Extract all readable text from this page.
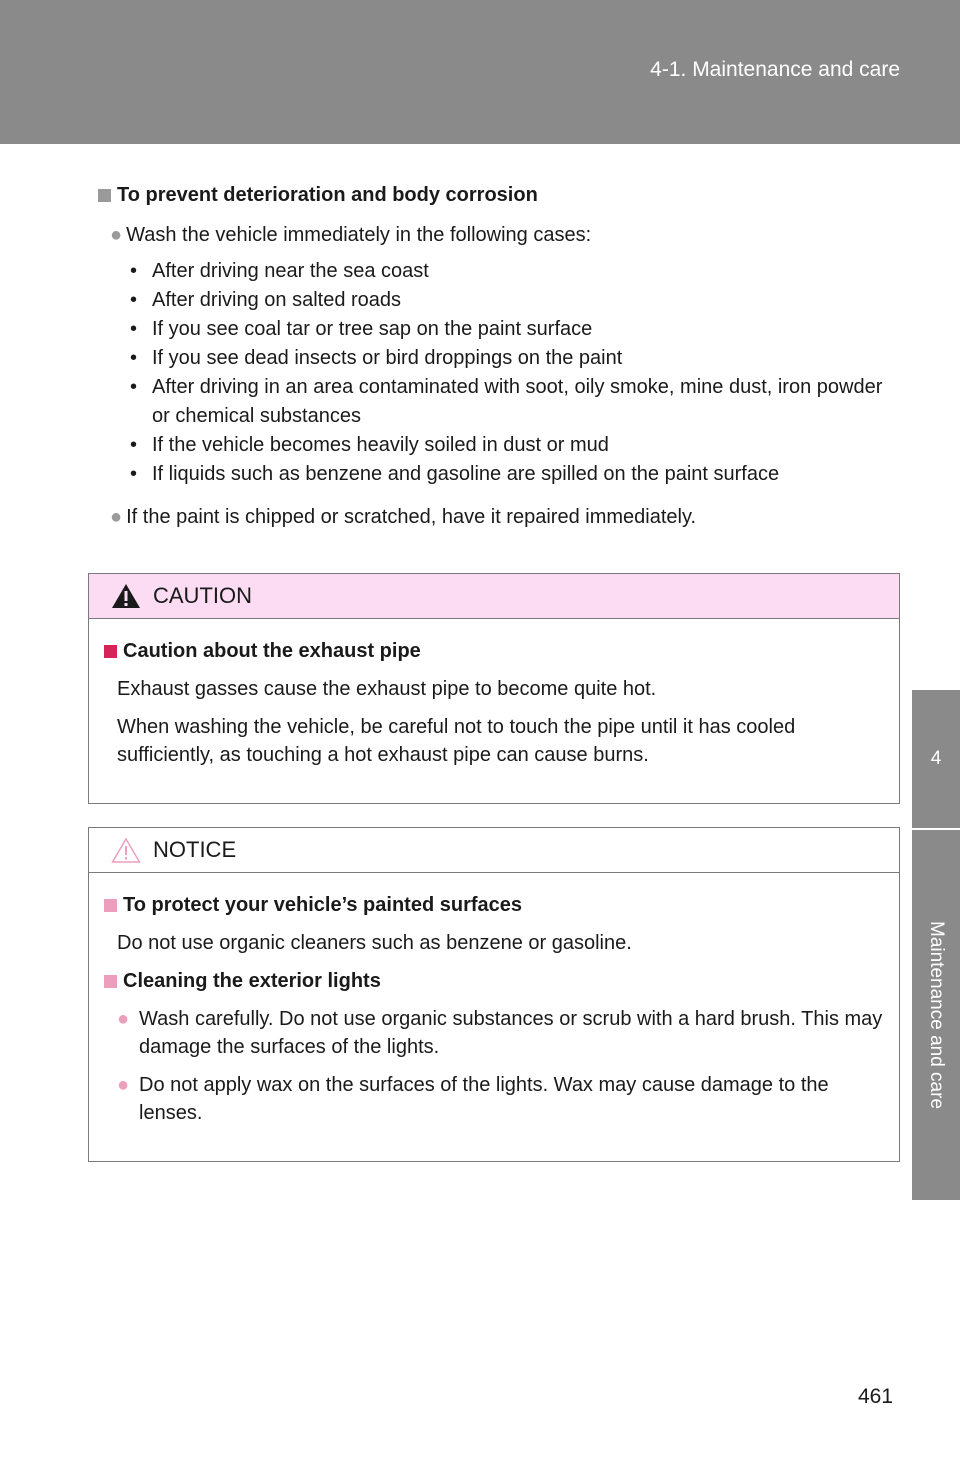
4-1. Maintenance and care
4
Maintenance and care
To prevent deterioration and body corrosion
● Wash the vehicle immediately in the following cases:
• After driving near the sea coast
• After driving on salted roads
• If you see coal tar or tree sap on the paint surface
• If you see dead insects or bird droppings on the paint
• After driving in an area contaminated with soot, oily smoke, mine dust, iron powder or chemical substances
• If the vehicle becomes heavily soiled in dust or mud
• If liquids such as benzene and gasoline are spilled on the paint surface
● If the paint is chipped or scratched, have it repaired immediately.
CAUTION
Caution about the exhaust pipe

Exhaust gasses cause the exhaust pipe to become quite hot.

When washing the vehicle, be careful not to touch the pipe until it has cooled sufficiently, as touching a hot exhaust pipe can cause burns.

NOTICE
To protect your vehicle’s painted surfaces

Do not use organic cleaners such as benzene or gasoline.

Cleaning the exterior lights
● Wash carefully. Do not use organic substances or scrub with a hard brush. This may damage the surfaces of the lights.
● Do not apply wax on the surfaces of the lights. Wax may cause damage to the lenses.
461
